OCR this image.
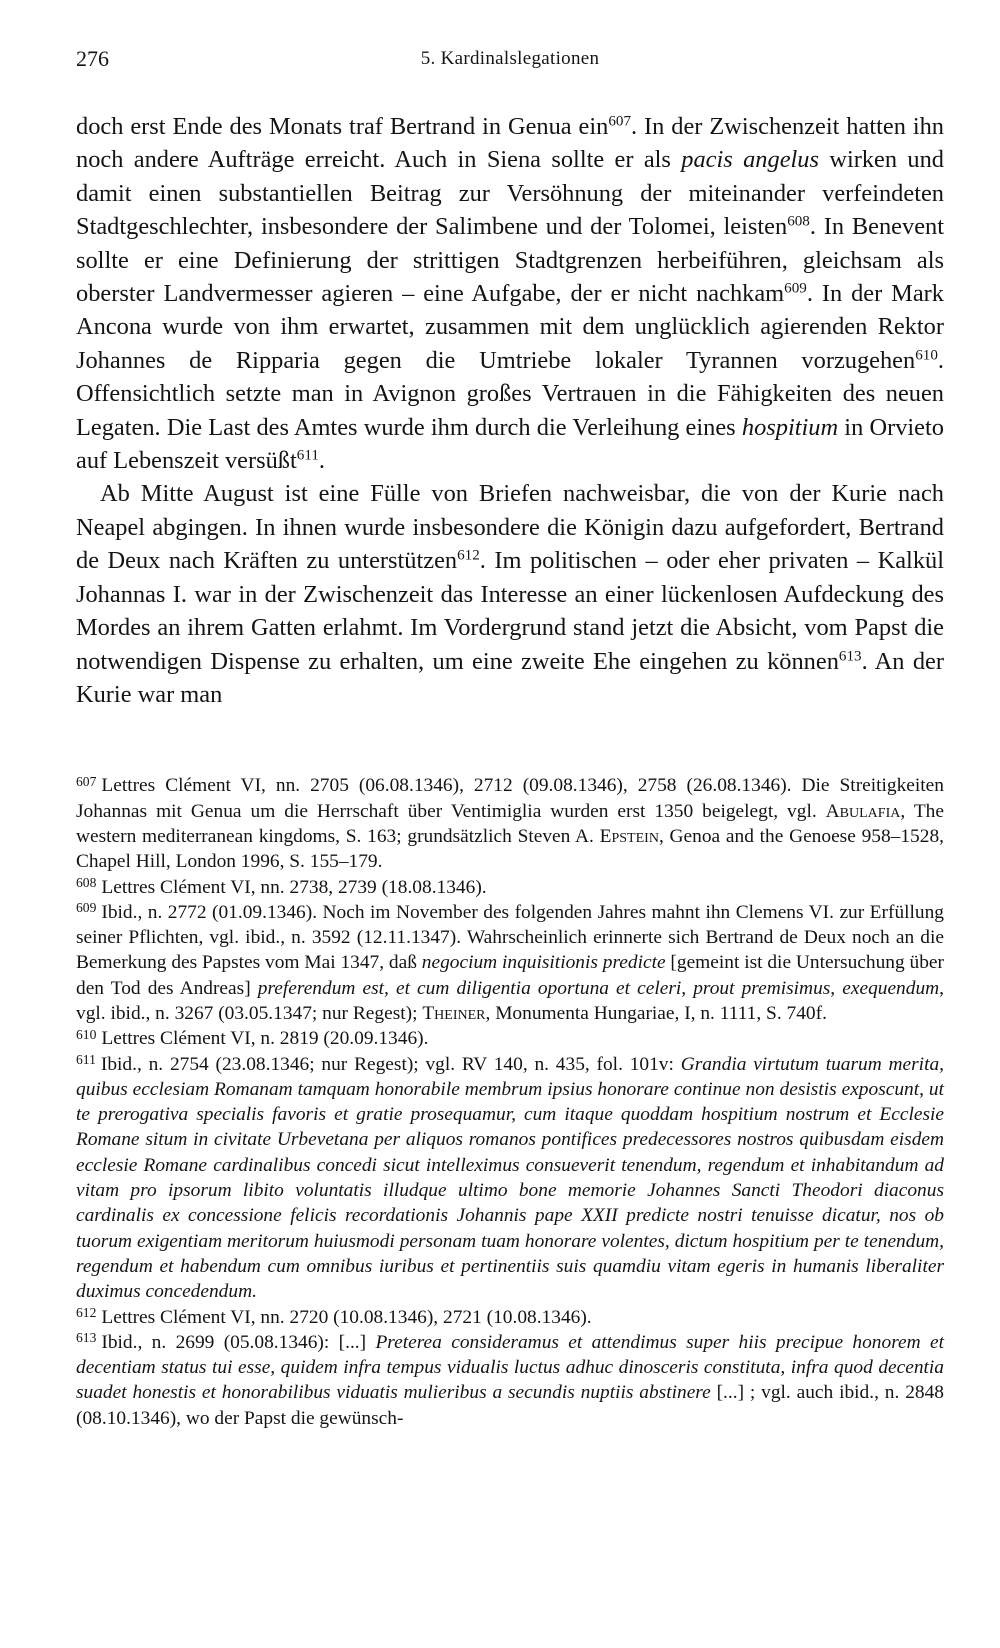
276	5. Kardinalslegationen

doch erst Ende des Monats traf Bertrand in Genua ein$^{607}$. In der Zwischenzeit hatten ihn noch andere Aufträge erreicht. Auch in Siena sollte er als pacis angelus wirken und damit einen substantiellen Beitrag zur Versöhnung der miteinander verfeindeten Stadtgeschlechter, insbesondere der Salimbene und der Tolomei, leisten$^{608}$. In Benevent sollte er eine Definierung der strittigen Stadtgrenzen herbeiführen, gleichsam als oberster Landvermesser agieren – eine Aufgabe, der er nicht nachkam$^{609}$. In der Mark Ancona wurde von ihm erwartet, zusammen mit dem unglücklich agierenden Rektor Johannes de Ripparia gegen die Umtriebe lokaler Tyrannen vorzugehen$^{610}$. Offensichtlich setzte man in Avignon großes Vertrauen in die Fähigkeiten des neuen Legaten. Die Last des Amtes wurde ihm durch die Verleihung eines hospitium in Orvieto auf Lebenszeit versüßt$^{611}$.

Ab Mitte August ist eine Fülle von Briefen nachweisbar, die von der Kurie nach Neapel abgingen. In ihnen wurde insbesondere die Königin dazu aufgefordert, Bertrand de Deux nach Kräften zu unterstützen$^{612}$. Im politischen – oder eher privaten – Kalkül Johannas I. war in der Zwischenzeit das Interesse an einer lückenlosen Aufdeckung des Mordes an ihrem Gatten erlahmt. Im Vordergrund stand jetzt die Absicht, vom Papst die notwendigen Dispense zu erhalten, um eine zweite Ehe eingehen zu können$^{613}$. An der Kurie war man

$^{607}$ Lettres Clément VI, nn. 2705 (06.08.1346), 2712 (09.08.1346), 2758 (26.08.1346). Die Streitigkeiten Johannas mit Genua um die Herrschaft über Ventimiglia wurden erst 1350 beigelegt, vgl. Abulafia, The western mediterranean kingdoms, S. 163; grundsätzlich Steven A. Epstein, Genoa and the Genoese 958–1528, Chapel Hill, London 1996, S. 155–179.

$^{608}$ Lettres Clément VI, nn. 2738, 2739 (18.08.1346).

$^{609}$ Ibid., n. 2772 (01.09.1346). Noch im November des folgenden Jahres mahnt ihn Clemens VI. zur Erfüllung seiner Pflichten, vgl. ibid., n. 3592 (12.11.1347). Wahrscheinlich erinnerte sich Bertrand de Deux noch an die Bemerkung des Papstes vom Mai 1347, daß negocium inquisitionis predicte [gemeint ist die Untersuchung über den Tod des Andreas] preferendum est, et cum diligentia oportuna et celeri, prout premisimus, exequendum, vgl. ibid., n. 3267 (03.05.1347; nur Regest); Theiner, Monumenta Hungariae, I, n. 1111, S. 740f.

$^{610}$ Lettres Clément VI, n. 2819 (20.09.1346).

$^{611}$ Ibid., n. 2754 (23.08.1346; nur Regest); vgl. RV 140, n. 435, fol. 101v: Grandia virtutum tuarum merita, quibus ecclesiam Romanam tamquam honorabile membrum ipsius honorare continue non desistis exposcunt, ut te prerogativa specialis favoris et gratie prosequamur, cum itaque quoddam hospitium nostrum et Ecclesie Romane situm in civitate Urbevetana per aliquos romanos pontifices predecessores nostros quibusdam eisdem ecclesie Romane cardinalibus concedi sicut intelleximus consueverit tenendum, regendum et inhabitandum ad vitam pro ipsorum libito voluntatis illudque ultimo bone memorie Johannes Sancti Theodori diaconus cardinalis ex concessione felicis recordationis Johannis pape XXII predicte nostri tenuisse dicatur, nos ob tuorum exigentiam meritorum huiusmodi personam tuam honorare volentes, dictum hospitium per te tenendum, regendum et habendum cum omnibus iuribus et pertinentiis suis quamdiu vitam egeris in humanis liberaliter duximus concedendum.

$^{612}$ Lettres Clément VI, nn. 2720 (10.08.1346), 2721 (10.08.1346).

$^{613}$ Ibid., n. 2699 (05.08.1346): [...] Preterea consideramus et attendimus super hiis precipue honorem et decentiam status tui esse, quidem infra tempus vidualis luctus adhuc dinosceris constituta, infra quod decentia suadet honestis et honorabilibus viduatis mulieribus a secundis nuptiis abstinere [...] ; vgl. auch ibid., n. 2848 (08.10.1346), wo der Papst die gewünsch-
